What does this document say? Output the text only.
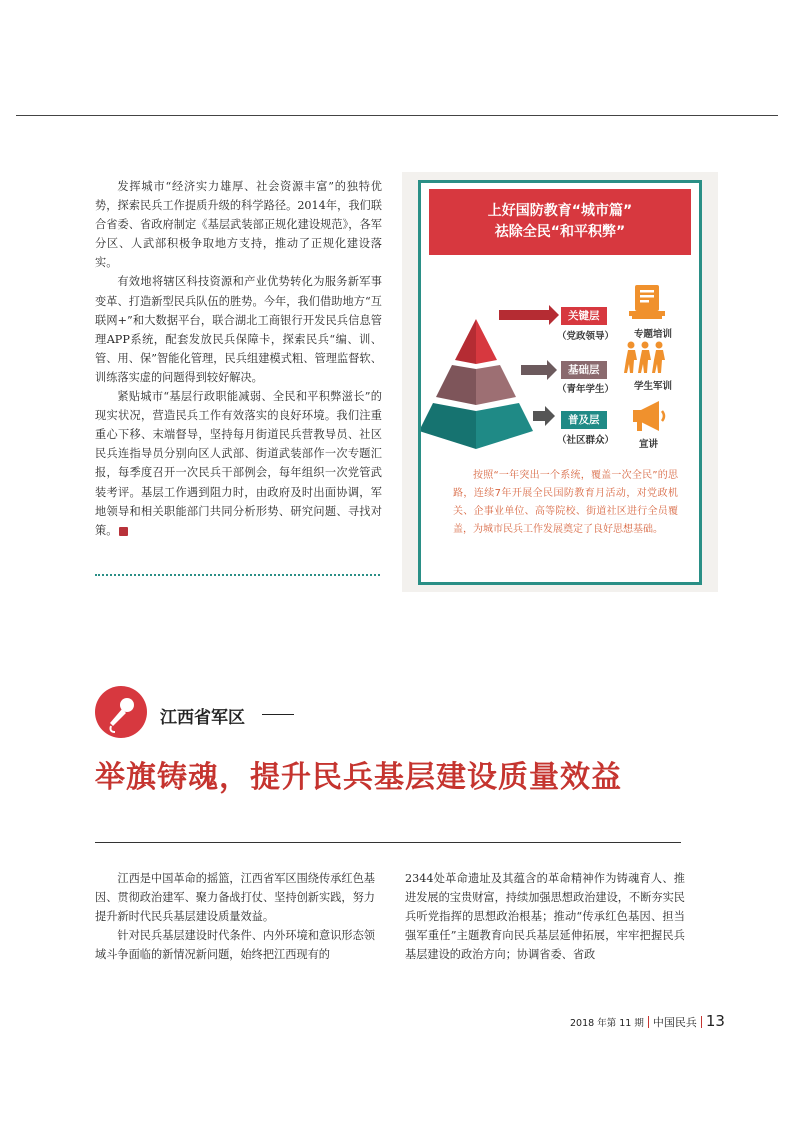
发挥城市“经济实力雄厚、社会资源丰富”的独特优势，探索民兵工作提质升级的科学路径。2014年，我们联合省委、省政府制定《基层武装部正规化建设规范》，各军分区、人武部积极争取地方支持，推动了正规化建设落实。

有效地将辖区科技资源和产业优势转化为服务新军事变革、打造新型民兵队伍的胜势。今年，我们借助地方“互联网+”和大数据平台，联合湖北工商银行开发民兵信息管理APP系统，配套发放民兵保障卡，探索民兵“编、训、管、用、保”智能化管理，民兵组建模式粗、管理监督软、训练落实虚的问题得到较好解决。

紧贴城市“基层行政职能减弱、全民和平积弊滋长”的现实状况，营造民兵工作有效落实的良好环境。我们注重重心下移、末端督导，坚持每月街道民兵营教导员、社区民兵连指导员分别向区人武部、街道武装部作一次专题汇报，每季度召开一次民兵干部例会，每年组织一次党管武装考评。基层工作遇到阻力时，由政府及时出面协调，军地领导和相关职能部门共同分析形势、研究问题、寻找对策。	民

上好国防教育“城市篇”
祛除全民“和平积弊”
关键层
（党政领导）
基础层
（青年学生）
普及层
（社区群众）
专题培训
学生军训
宣讲
按照“一年突出一个系统，覆盖一次全民”的思路，连续7年开展全民国防教育月活动，对党政机关、企事业单位、高等院校、街道社区进行全员覆盖，为城市民兵工作发展奠定了良好思想基础。
江西省军区
举旗铸魂，提升民兵基层建设质量效益

江西是中国革命的摇篮，江西省军区围绕传承红色基因、贯彻政治建军、聚力备战打仗、坚持创新实践，努力提升新时代民兵基层建设质量效益。

针对民兵基层建设时代条件、内外环境和意识形态领域斗争面临的新情况新问题，始终把江西现有的

2344处革命遗址及其蕴含的革命精神作为铸魂育人、推进发展的宝贵财富，持续加强思想政治建设，不断夯实民兵听党指挥的思想政治根基；推动“传承红色基因、担当强军重任”主题教育向民兵基层延伸拓展，牢牢把握民兵基层建设的政治方向；协调省委、省政

2018 年第 11 期 中国民兵 13
